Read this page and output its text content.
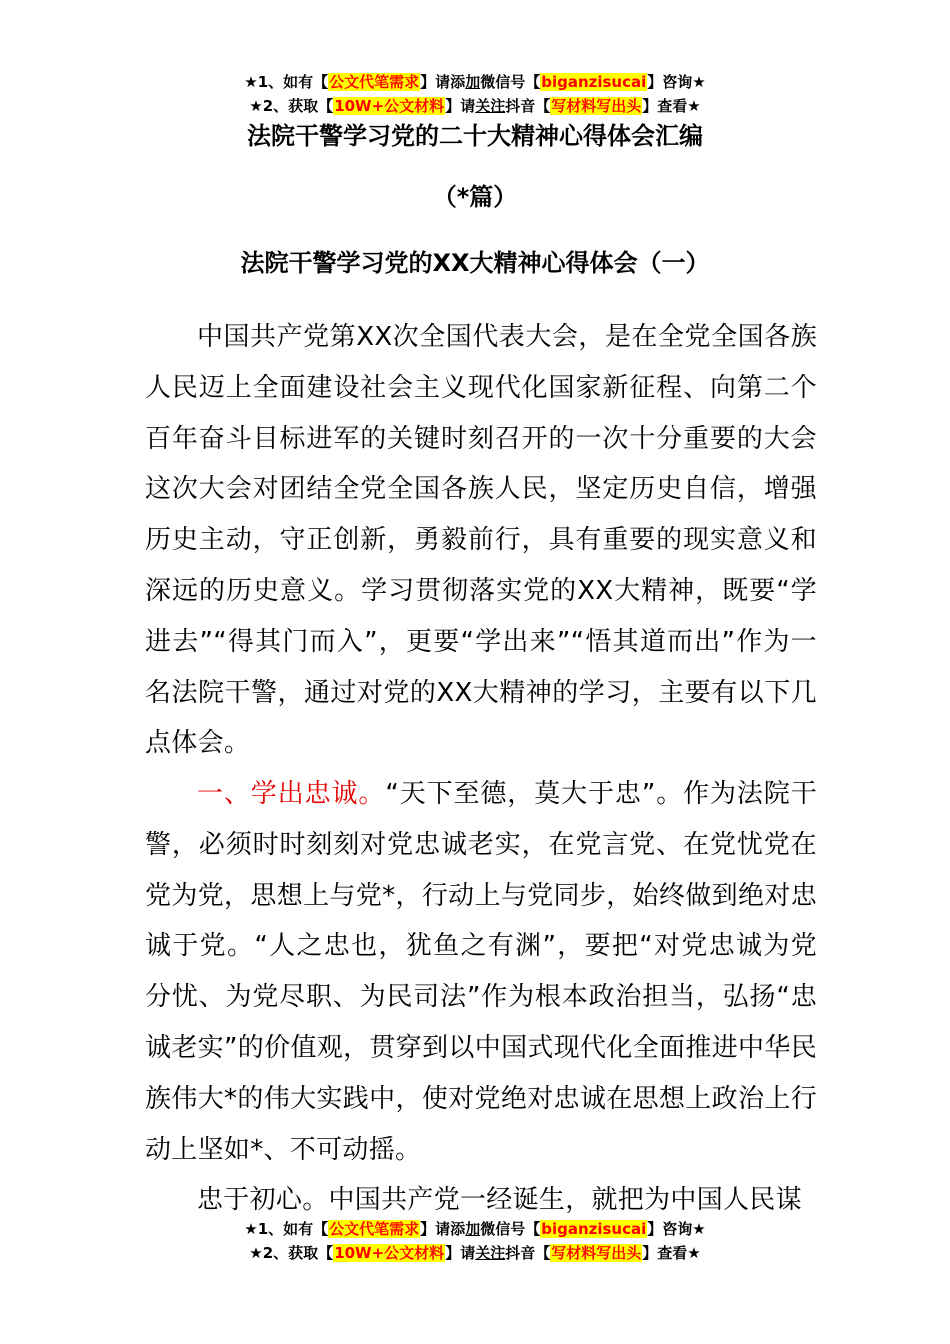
★1、如有【公文代笔需求】请添加微信号【biganzisucai】咨询★
★2、获取【10W+公文材料】请关注抖音【写材料写出头】查看★
法院干警学习党的二十大精神心得体会汇编
（*篇）
法院干警学习党的XX大精神心得体会（一）

中国共产党第XX次全国代表大会，是在全党全国各族人民迈上全面建设社会主义现代化国家新征程、向第二个百年奋斗目标进军的关键时刻召开的一次十分重要的大会这次大会对团结全党全国各族人民，坚定历史自信，增强历史主动，守正创新，勇毅前行，具有重要的现实意义和深远的历史意义。学习贯彻落实党的XX大精神，既要“学进去”“得其门而入”，更要“学出来”“悟其道而出”作为一名法院干警，通过对党的XX大精神的学习，主要有以下几点体会。

一、学出忠诚。“天下至德，莫大于忠”。作为法院干警，必须时时刻刻对党忠诚老实，在党言党、在党忧党在党为党，思想上与党*，行动上与党同步，始终做到绝对忠诚于党。“人之忠也，犹鱼之有渊”，要把“对党忠诚为党分忧、为党尽职、为民司法”作为根本政治担当，弘扬“忠诚老实”的价值观，贯穿到以中国式现代化全面推进中华民族伟大*的伟大实践中，使对党绝对忠诚在思想上政治上行动上坚如*、不可动摇。

忠于初心。中国共产党一经诞生，就把为中国人民谋

★1、如有【公文代笔需求】请添加微信号【biganzisucai】咨询★
★2、获取【10W+公文材料】请关注抖音【写材料写出头】查看★
